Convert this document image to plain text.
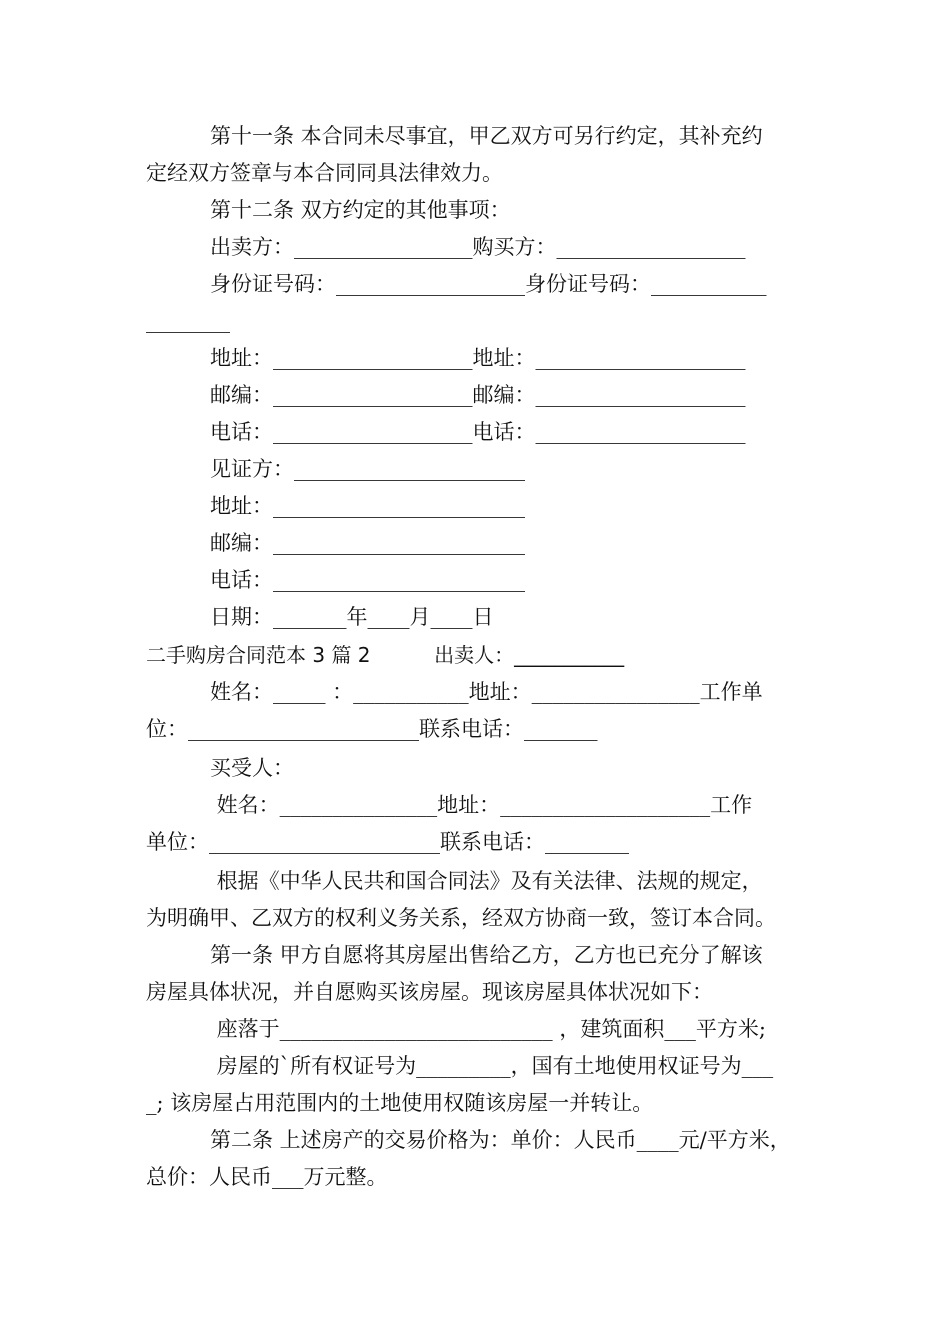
第十一条 本合同未尽事宜，甲乙双方可另行约定，其补充约
定经双方签章与本合同同具法律效力。
第十二条 双方约定的其他事项：
出卖方：_________________购买方：__________________
身份证号码：__________________身份证号码：___________
________
地址：___________________地址：____________________
邮编：___________________邮编：____________________
电话：___________________电话：____________________
见证方：______________________
地址：________________________
邮编：________________________
电话：________________________
日期：_______年____月____日
二手购房合同范本 3 篇 2          出卖人：___________
姓名：_____ ：___________地址：________________工作单
位：______________________联系电话：_______
买受人：
姓名：_______________地址：____________________工作
单位：______________________联系电话：________
根据《中华人民共和国合同法》及有关法律、法规的规定，
为明确甲、乙双方的权利义务关系，经双方协商一致，签订本合同。
第一条 甲方自愿将其房屋出售给乙方，乙方也已充分了解该
房屋具体状况，并自愿购买该房屋。现该房屋具体状况如下：
座落于__________________________ ，建筑面积___平方米;
房屋的`所有权证号为_________，国有土地使用权证号为___
_; 该房屋占用范围内的土地使用权随该房屋一并转让。
第二条 上述房产的交易价格为：单价：人民币____元/平方米，
总价：人民币___万元整。
